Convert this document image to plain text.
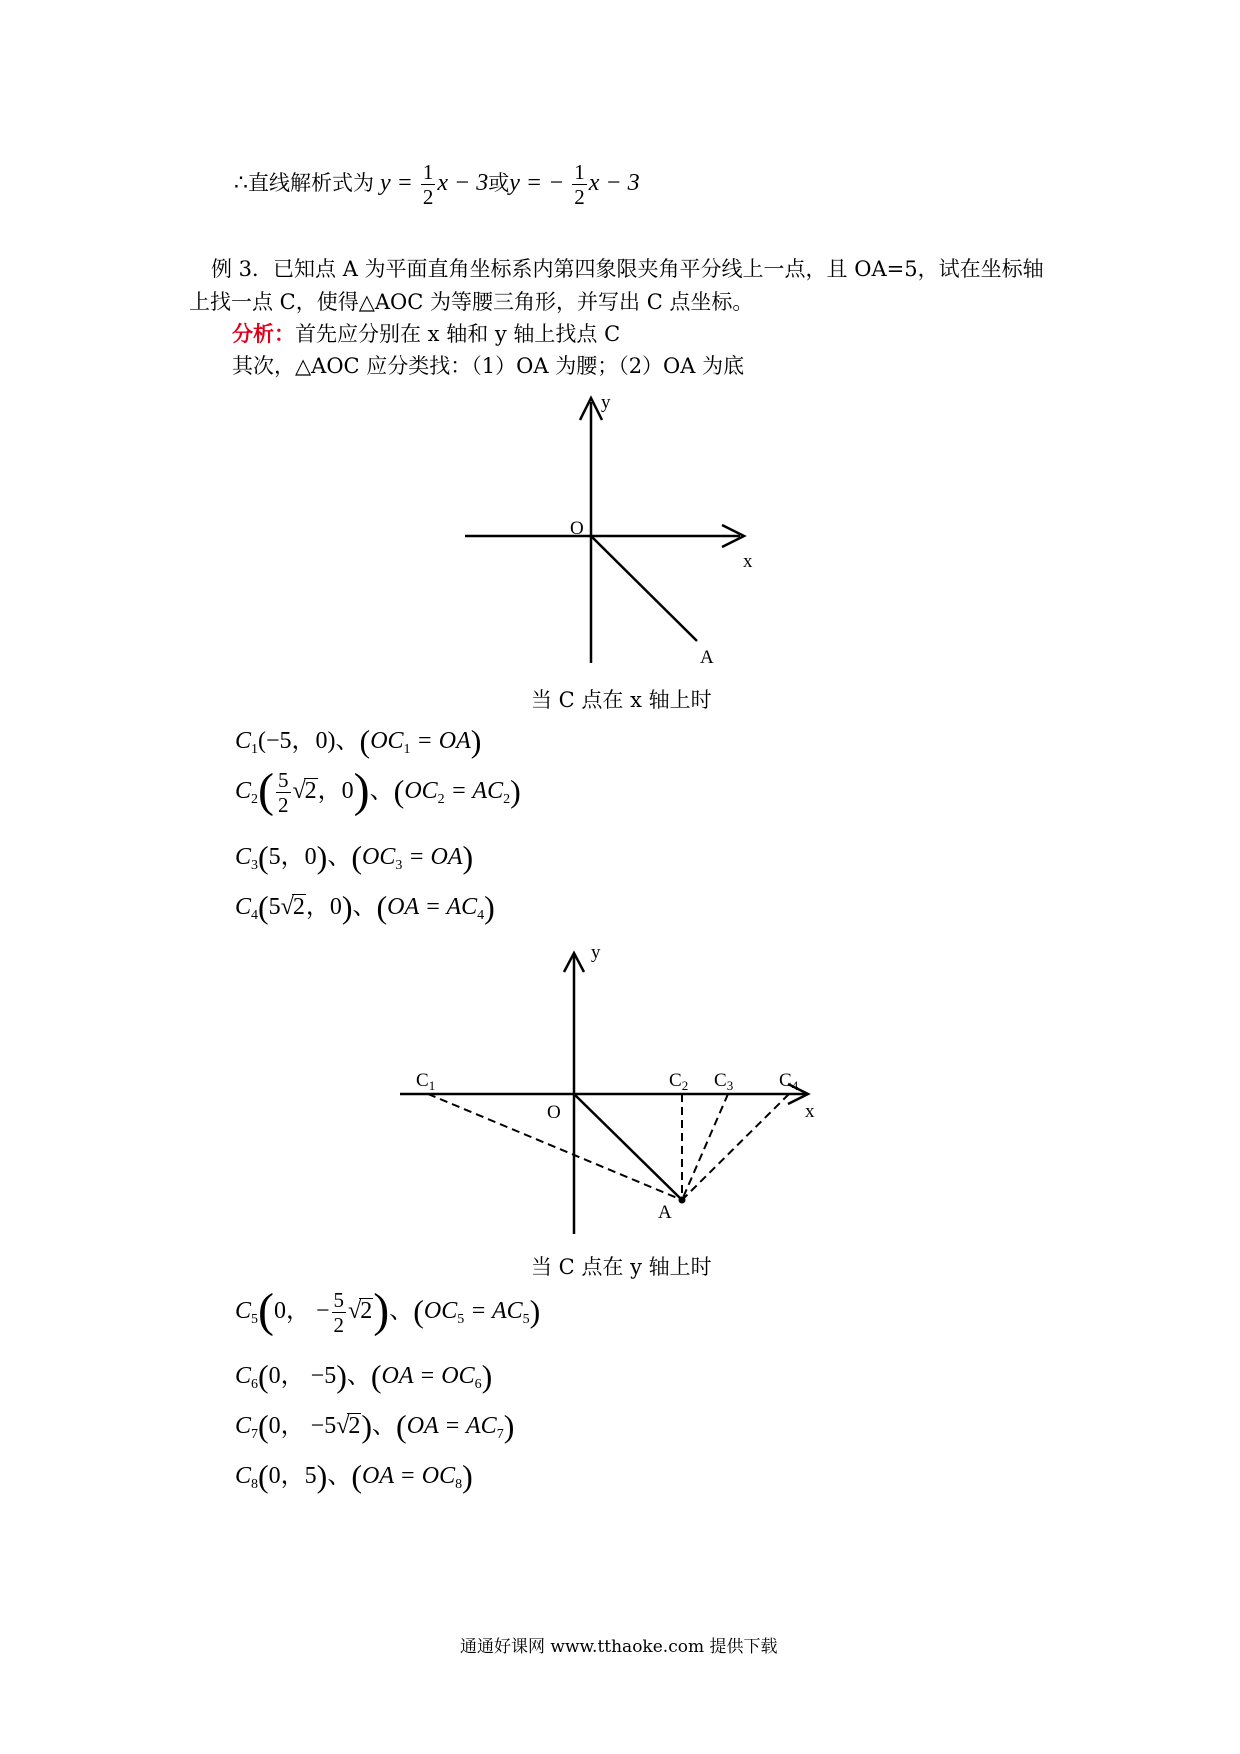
∴直线解析式为 $y = \frac{1}{2}$ x − 3或y = − $\frac{1}{2}$ x − 3
例 3．已知点 A 为平面直角坐标系内第四象限夹角平分线上一点，且 OA=5，试在坐标轴
上找一点 C，使得△AOC 为等腰三角形，并写出 C 点坐标。
分析：首先应分别在 x 轴和 y 轴上找点 C
其次，△AOC 应分类找：（1）OA 为腰；（2）OA 为底
y
O
x
A
当 C 点在 x 轴上时
$C_1(-5$，0)、$(OC_1 = OA)$
$C_2( \frac{5}{2} √2$，0)、$(OC_2 = AC_2)$
$C_3(5$，0)、$(OC_3 = OA)$
$C_4(5√2$，0)、$(OA = AC_4)$
y
O	x
A
$C_1$	$C_2$ $C_3$ $C_4$
当 C 点在 y 轴上时
$C_5(0$， − $\frac{5}{2} √2$)、$(OC_5 = AC_5)$
$C_6(0$， −5)、$(OA = OC_6)$
$C_7(0$， −5√2)、$(OA = AC_7)$
$C_8(0$，5)、$(OA = OC_8)$
通通好课网 www.tthaoke.com 提供下载
